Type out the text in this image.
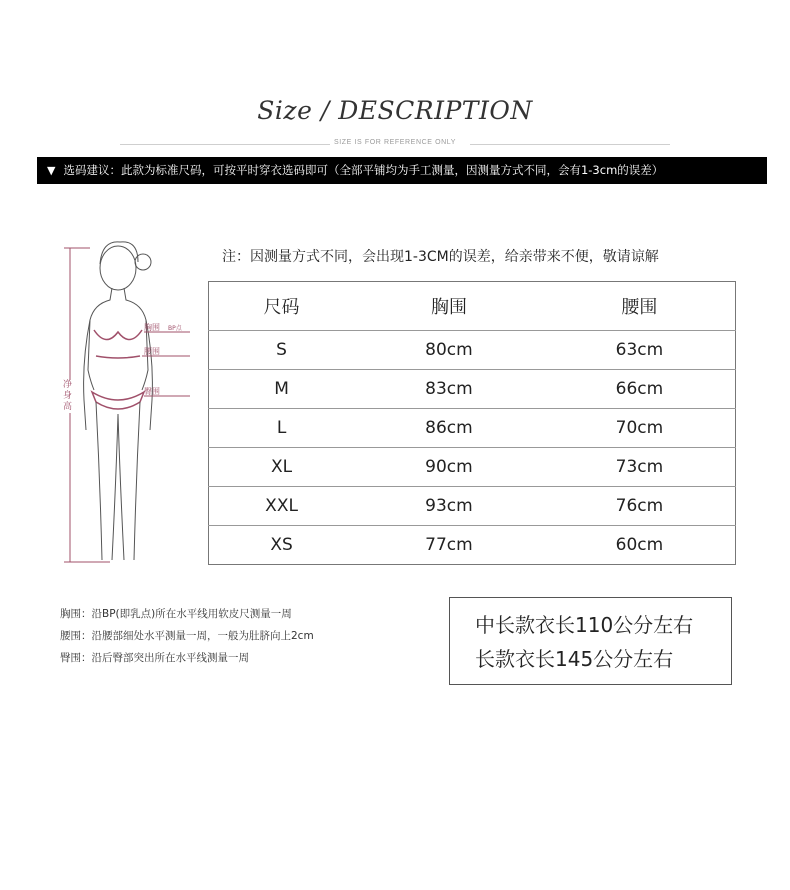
Size / DESCRIPTION
SIZE IS FOR REFERENCE ONLY
▼ 选码建议：此款为标准尺码，可按平时穿衣选码即可（全部平铺均为手工测量，因测量方式不同，会有1-3cm的误差）
胸围 BP点
腰围
臀围
净身高
注：因测量方式不同，会出现1-3CM的误差，给亲带来不便，敬请谅解
尺码	胸围	腰围
S	80cm	63cm
M	83cm	66cm
L	86cm	70cm
XL	90cm	73cm
XXL	93cm	76cm
XS	77cm	60cm
胸围：沿BP(即乳点)所在水平线用软皮尺测量一周
腰围：沿腰部细处水平测量一周，一般为肚脐向上2cm
臀围：沿后臀部突出所在水平线测量一周
中长款衣长110公分左右
长款衣长145公分左右
